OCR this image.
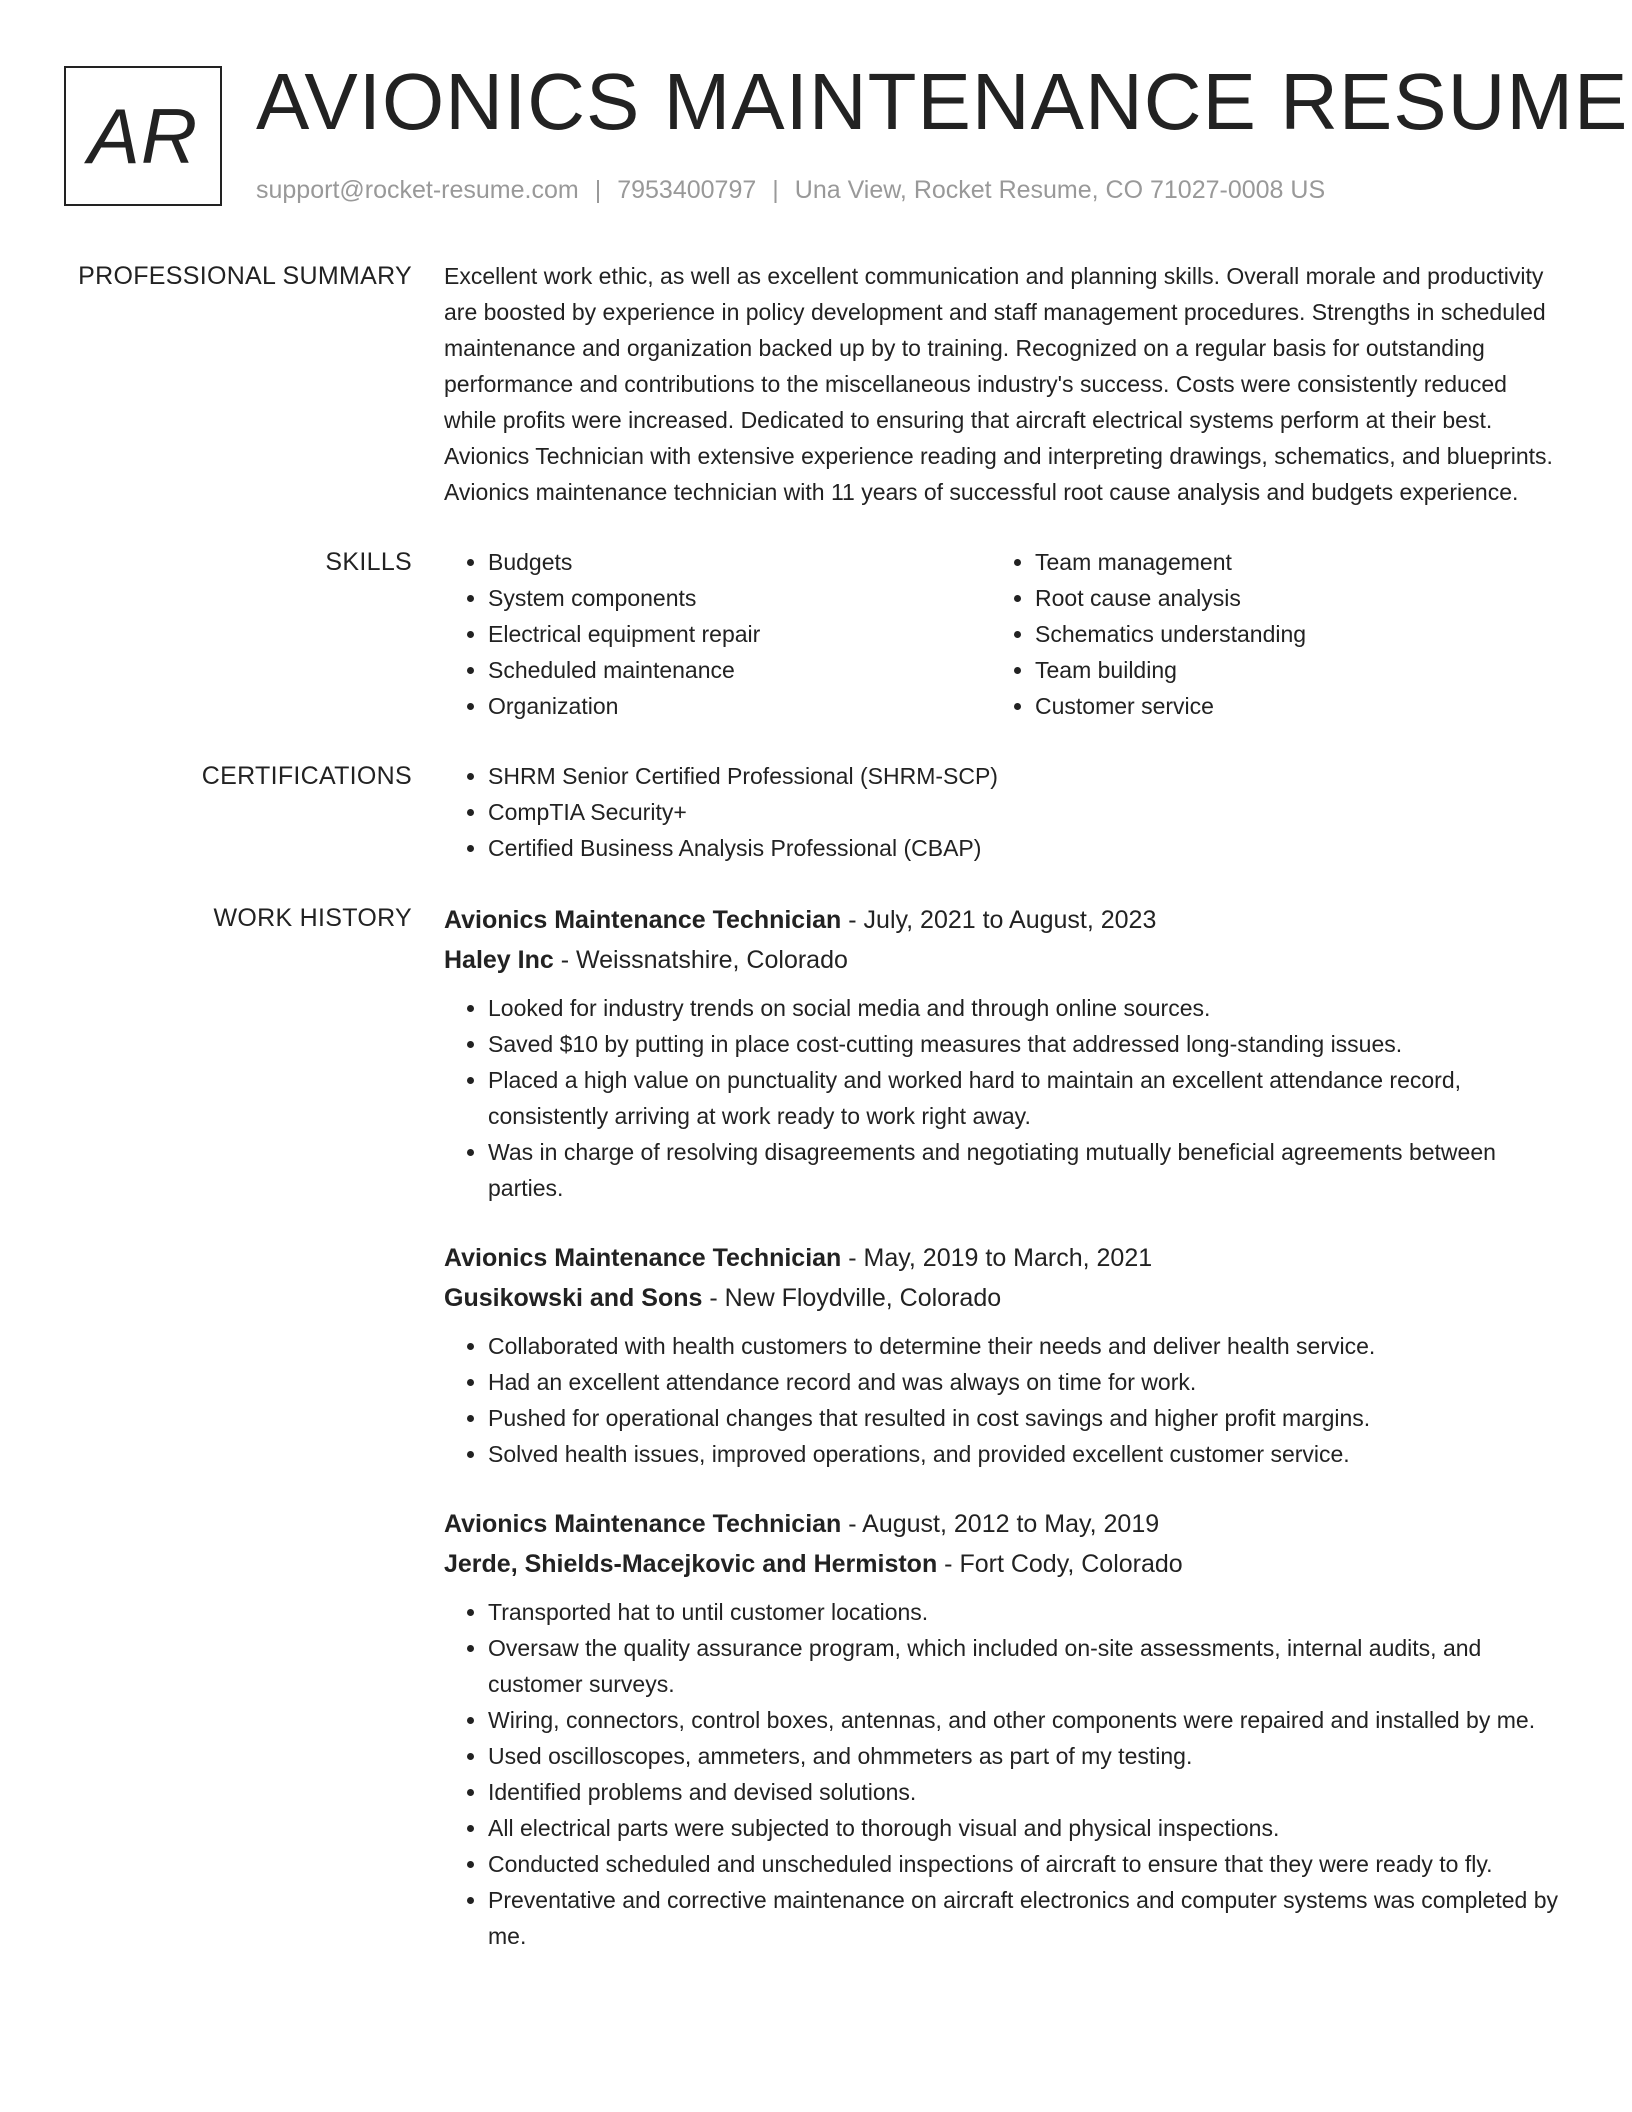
AR AVIONICS MAINTENANCE RESUME
support@rocket-resume.com | 7953400797 | Una View, Rocket Resume, CO 71027-0008 US
PROFESSIONAL SUMMARY Excellent work ethic, as well as excellent communication and planning skills. Overall morale and productivity are boosted by experience in policy development and staff management procedures. Strengths in scheduled maintenance and organization backed up by to training. Recognized on a regular basis for outstanding performance and contributions to the miscellaneous industry's success. Costs were consistently reduced while profits were increased. Dedicated to ensuring that aircraft electrical systems perform at their best. Avionics Technician with extensive experience reading and interpreting drawings, schematics, and blueprints. Avionics maintenance technician with 11 years of successful root cause analysis and budgets experience.

SKILLS	• Budgets
• System components
• Electrical equipment repair
• Scheduled maintenance
• Organization
• Team management
• Root cause analysis
• Schematics understanding
• Team building
• Customer service
CERTIFICATIONS	• SHRM Senior Certified Professional (SHRM-SCP)
• CompTIA Security+
• Certified Business Analysis Professional (CBAP)
WORK HISTORY Avionics Maintenance Technician - July, 2021 to August, 2023
Haley Inc - Weissnatshire, Colorado
• Looked for industry trends on social media and through online sources.
• Saved $10 by putting in place cost-cutting measures that addressed long-standing issues.
• Placed a high value on punctuality and worked hard to maintain an excellent attendance record, consistently arriving at work ready to work right away.
• Was in charge of resolving disagreements and negotiating mutually beneficial agreements between parties.
Avionics Maintenance Technician - May, 2019 to March, 2021
Gusikowski and Sons - New Floydville, Colorado
• Collaborated with health customers to determine their needs and deliver health service.
• Had an excellent attendance record and was always on time for work.
• Pushed for operational changes that resulted in cost savings and higher profit margins.
• Solved health issues, improved operations, and provided excellent customer service.
Avionics Maintenance Technician - August, 2012 to May, 2019
Jerde, Shields-Macejkovic and Hermiston - Fort Cody, Colorado
• Transported hat to until customer locations.
• Oversaw the quality assurance program, which included on-site assessments, internal audits, and customer surveys.
• Wiring, connectors, control boxes, antennas, and other components were repaired and installed by me.
• Used oscilloscopes, ammeters, and ohmmeters as part of my testing.
• Identified problems and devised solutions.
• All electrical parts were subjected to thorough visual and physical inspections.
• Conducted scheduled and unscheduled inspections of aircraft to ensure that they were ready to fly.
• Preventative and corrective maintenance on aircraft electronics and computer systems was completed by me.
